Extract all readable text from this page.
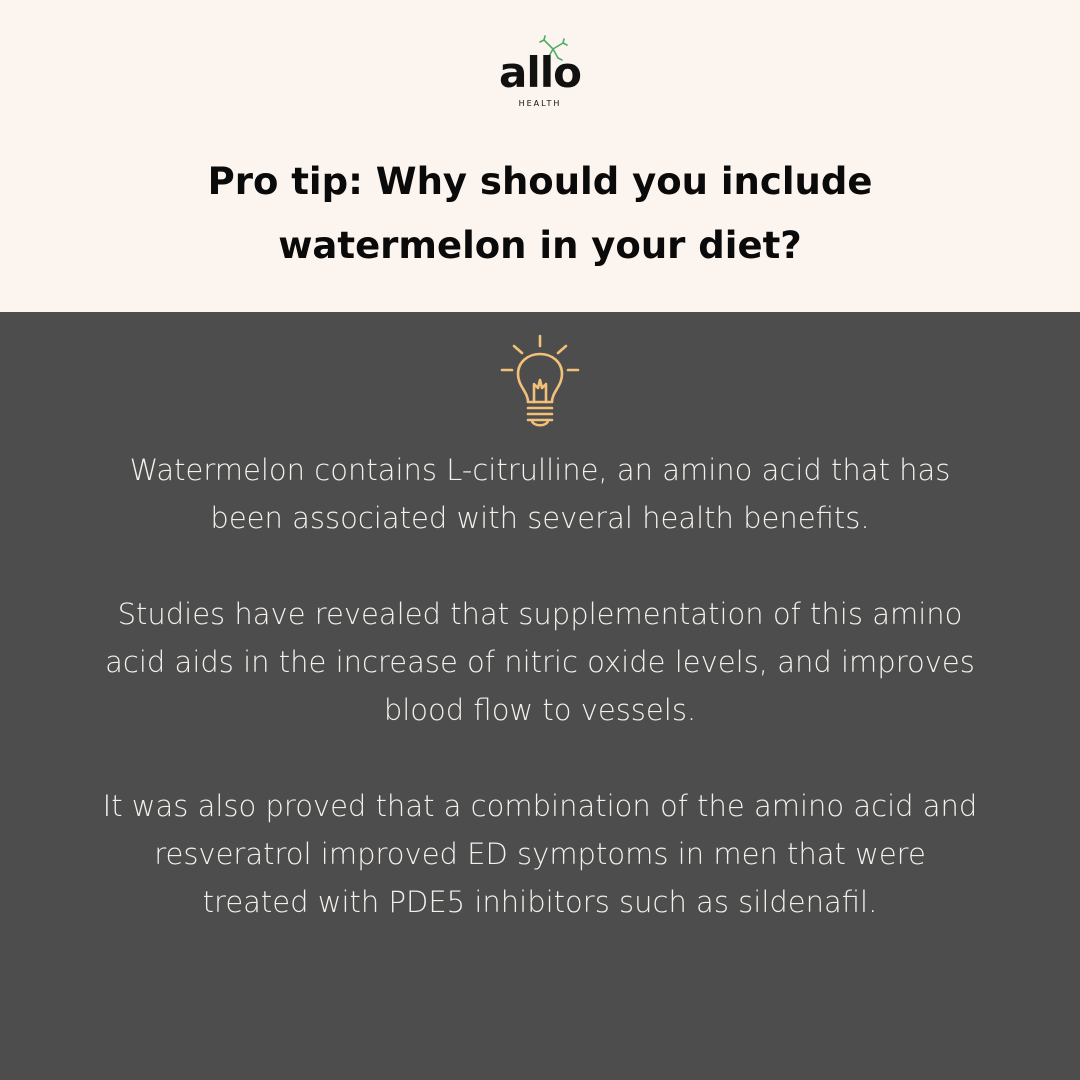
allo
HEALTH
Pro tip: Why should you include watermelon in your diet?

Watermelon contains L-citrulline, an amino acid that has been associated with several health benefits.

Studies have revealed that supplementation of this amino acid aids in the increase of nitric oxide levels, and improves blood flow to vessels.

It was also proved that a combination of the amino acid and resveratrol improved ED symptoms in men that were treated with PDE5 inhibitors such as sildenafil.
